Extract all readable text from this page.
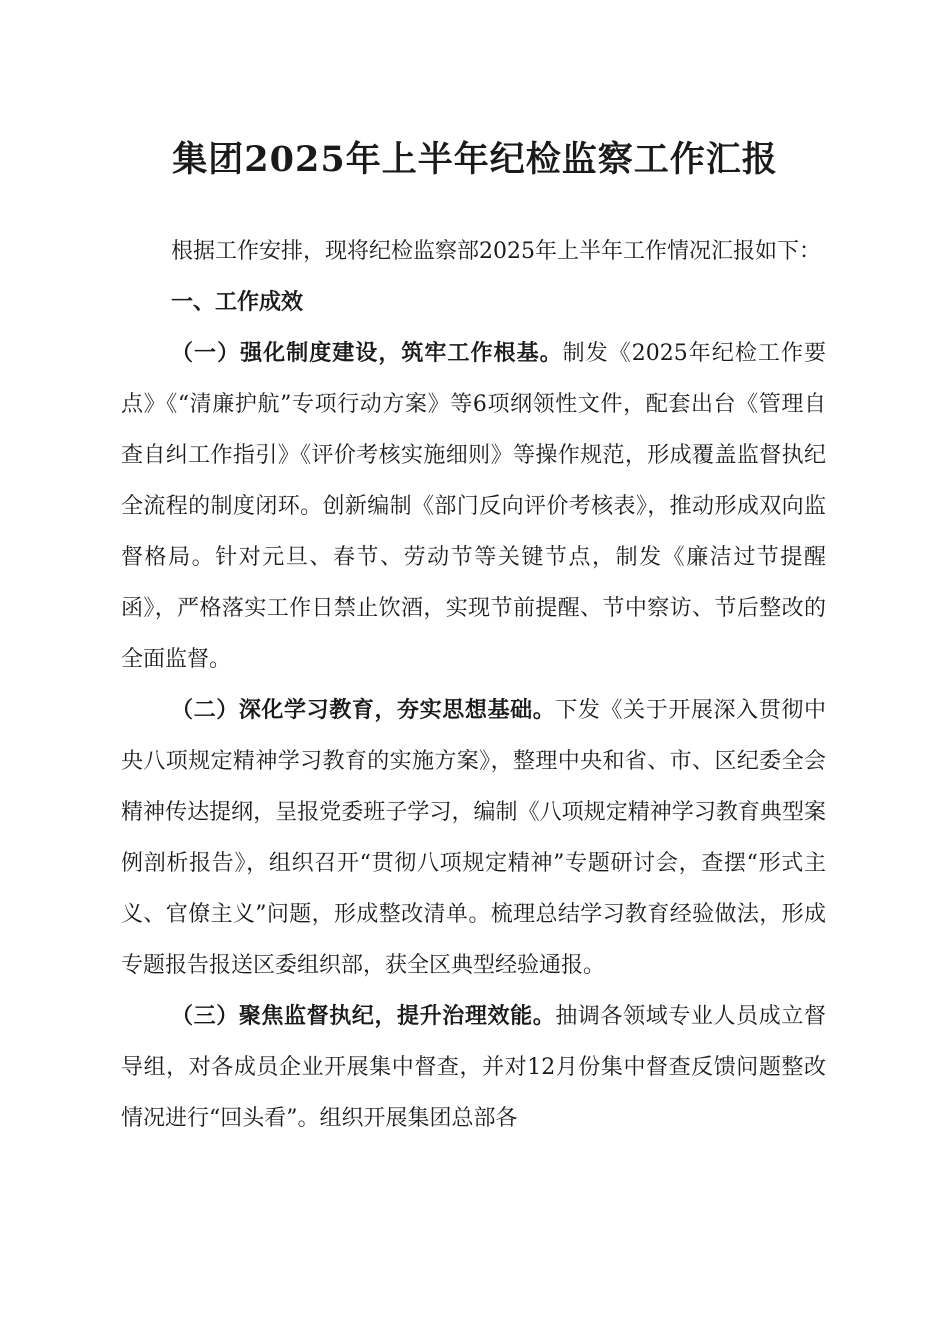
集团2025年上半年纪检监察工作汇报

根据工作安排，现将纪检监察部2025年上半年工作情况汇报如下：

一、工作成效

（一）强化制度建设，筑牢工作根基。制发《2025年纪检工作要点》《“清廉护航”专项行动方案》等6项纲领性文件，配套出台《管理自查自纠工作指引》《评价考核实施细则》等操作规范，形成覆盖监督执纪全流程的制度闭环。创新编制《部门反向评价考核表》，推动形成双向监督格局。针对元旦、春节、劳动节等关键节点，制发《廉洁过节提醒函》，严格落实工作日禁止饮酒，实现节前提醒、节中察访、节后整改的全面监督。

（二）深化学习教育，夯实思想基础。下发《关于开展深入贯彻中央八项规定精神学习教育的实施方案》，整理中央和省、市、区纪委全会精神传达提纲，呈报党委班子学习，编制《八项规定精神学习教育典型案例剖析报告》，组织召开“贯彻八项规定精神”专题研讨会，查摆“形式主义、官僚主义”问题，形成整改清单。梳理总结学习教育经验做法，形成专题报告报送区委组织部，获全区典型经验通报。

（三）聚焦监督执纪，提升治理效能。抽调各领域专业人员成立督导组，对各成员企业开展集中督查，并对12月份集中督查反馈问题整改情况进行“回头看”。组织开展集团总部各
